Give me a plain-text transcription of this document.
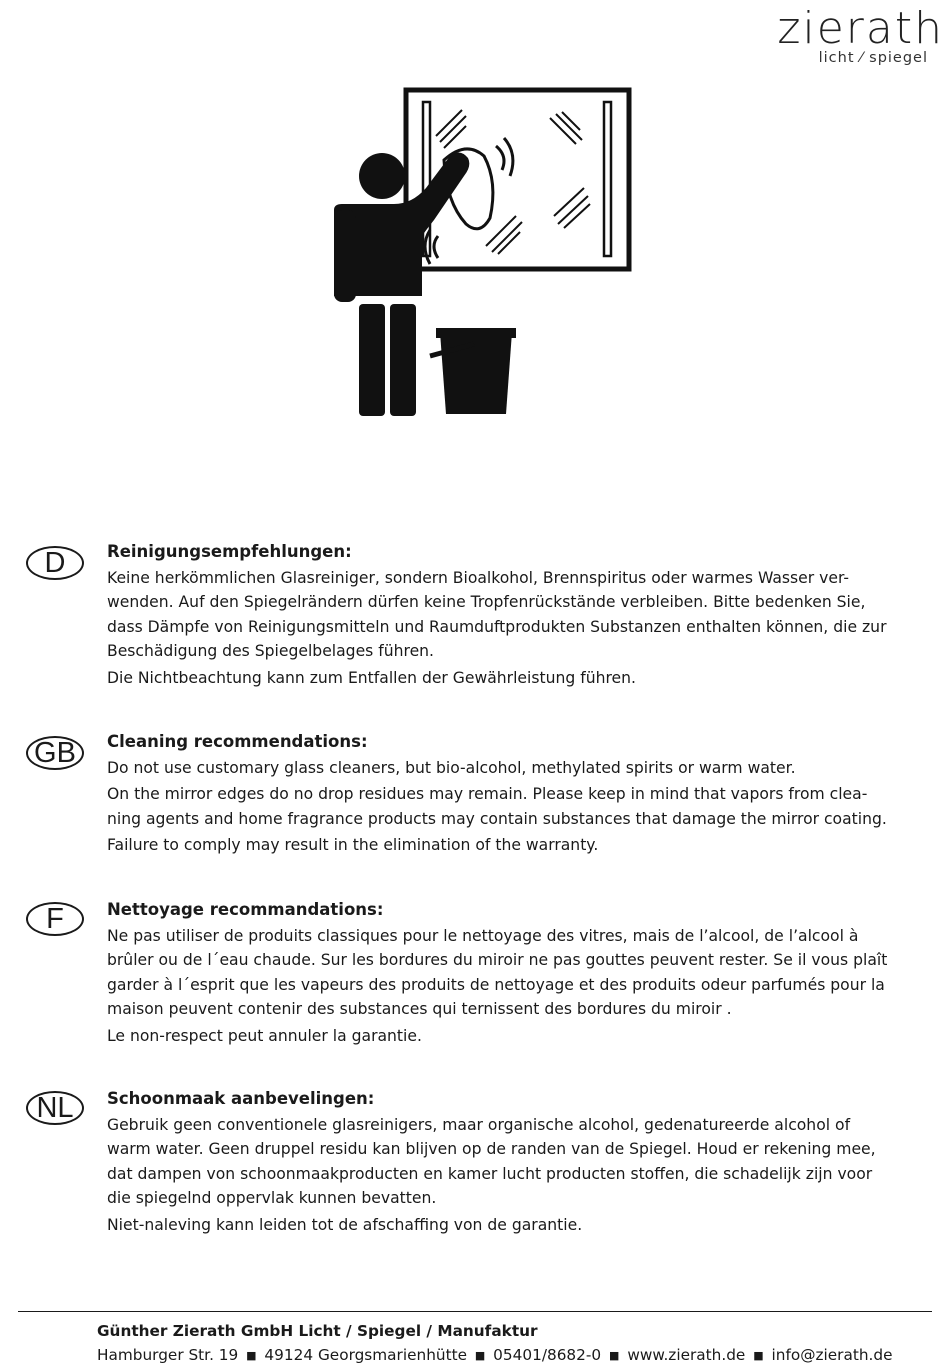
zierath
licht ⁄ spiegel
D	Reinigungsempfehlungen:
Keine herkömmlichen Glasreiniger, sondern Bioalkohol, Brennspiritus oder warmes Wasser ver-
wenden. Auf den Spiegelrändern dürfen keine Tropfenrückstände verbleiben. Bitte bedenken Sie,
dass Dämpfe von Reinigungsmitteln und Raumduftprodukten Substanzen enthalten können, die zur
Beschädigung des Spiegelbelages führen.
Die Nichtbeachtung kann zum Entfallen der Gewährleistung führen.
GB	Cleaning recommendations:
Do not use customary glass cleaners, but bio-alcohol, methylated spirits or warm water.
On the mirror edges do no drop residues may remain. Please keep in mind that vapors from clea-
ning agents and home fragrance products may contain substances that damage the mirror coating.
Failure to comply may result in the elimination of the warranty.
F	Nettoyage recommandations:
Ne pas utiliser de produits classiques pour le nettoyage des vitres, mais de l’alcool, de l’alcool à
brûler ou de l´eau chaude. Sur les bordures du miroir ne pas gouttes peuvent rester. Se il vous plaît
garder à l´esprit que les vapeurs des produits de nettoyage et des produits odeur parfumés pour la
maison peuvent contenir des substances qui ternissent des bordures du miroir .
Le non-respect peut annuler la garantie.
NL	Schoonmaak aanbevelingen:
Gebruik geen conventionele glasreinigers, maar organische alcohol, gedenatureerde alcohol of
warm water. Geen druppel residu kan blijven op de randen van de Spiegel. Houd er rekening mee,
dat dampen von schoonmaakproducten en kamer lucht producten stoffen, die schadelijk zijn voor
die spiegelnd oppervlak kunnen bevatten.
Niet-naleving kann leiden tot de afschaffing von de garantie.
Günther Zierath GmbH Licht / Spiegel / Manufaktur
Hamburger Str. 19 ■ 49124 Georgsmarienhütte ■ 05401/8682-0 ■ www.zierath.de ■ info@zierath.de
